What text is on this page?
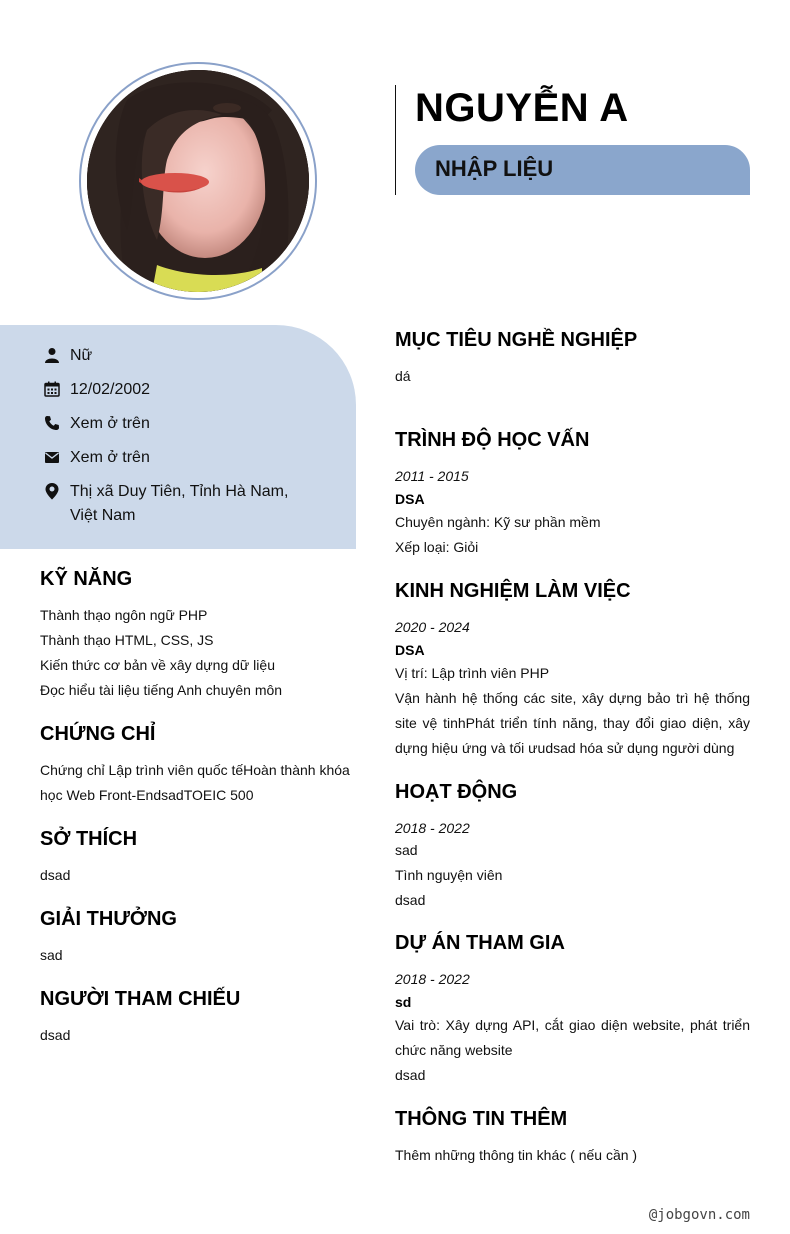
NGUYỄN A
NHẬP LIỆU
Nữ
12/02/2002
Xem ở trên
Xem ở trên
Thị xã Duy Tiên, Tỉnh Hà Nam, Việt Nam
KỸ NĂNG
Thành thạo ngôn ngữ PHP
Thành thạo HTML, CSS, JS
Kiến thức cơ bản về xây dựng dữ liệu
Đọc hiểu tài liệu tiếng Anh chuyên môn
CHỨNG CHỈ
Chứng chỉ Lập trình viên quốc tếHoàn thành khóa học Web Front-EndsadTOEIC 500
SỞ THÍCH
dsad
GIẢI THƯỞNG
sad
NGƯỜI THAM CHIẾU
dsad
MỤC TIÊU NGHỀ NGHIỆP
dá
TRÌNH ĐỘ HỌC VẤN
2011 - 2015
DSA
Chuyên ngành: Kỹ sư phần mềm
Xếp loại: Giỏi
KINH NGHIỆM LÀM VIỆC
2020 - 2024
DSA
Vị trí: Lập trình viên PHP
Vận hành hệ thống các site, xây dựng bảo trì hệ thống site vệ tinhPhát triển tính năng, thay đổi giao diện, xây dựng hiệu ứng và tối ưudsad hóa sử dụng người dùng
HOẠT ĐỘNG
2018 - 2022
sad
Tình nguyện viên
dsad
DỰ ÁN THAM GIA
2018 - 2022
sd
Vai trò: Xây dựng API, cắt giao diện website, phát triển chức năng website
dsad
THÔNG TIN THÊM
Thêm những thông tin khác ( nếu cần )
@jobgovn.com
